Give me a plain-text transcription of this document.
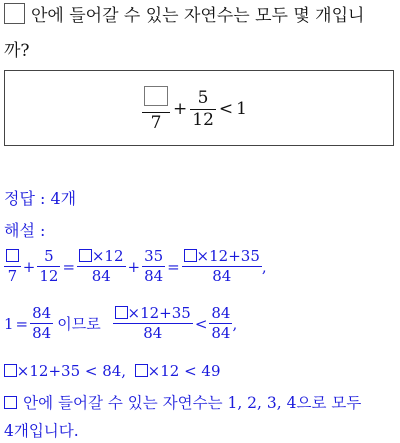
안에 들어갈 수 있는 자연수는 모두 몇 개입니
까?
7
+ $\frac{5}{12} < 1$
정답 : 4개
해설 :
7
+ $\frac{5}{12} = \frac{\times 12}{84} + \frac{35}{84} = \frac{\times 12+35}{84}$ ,
$1 = \frac{84}{84}$ 이므로 $\frac{\times 12+35}{84} < \frac{84}{84}$ ,
×12+35 < 84, ×12 < 49
안에 들어갈 수 있는 자연수는 1, 2, 3, 4으로 모두
4개입니다.
